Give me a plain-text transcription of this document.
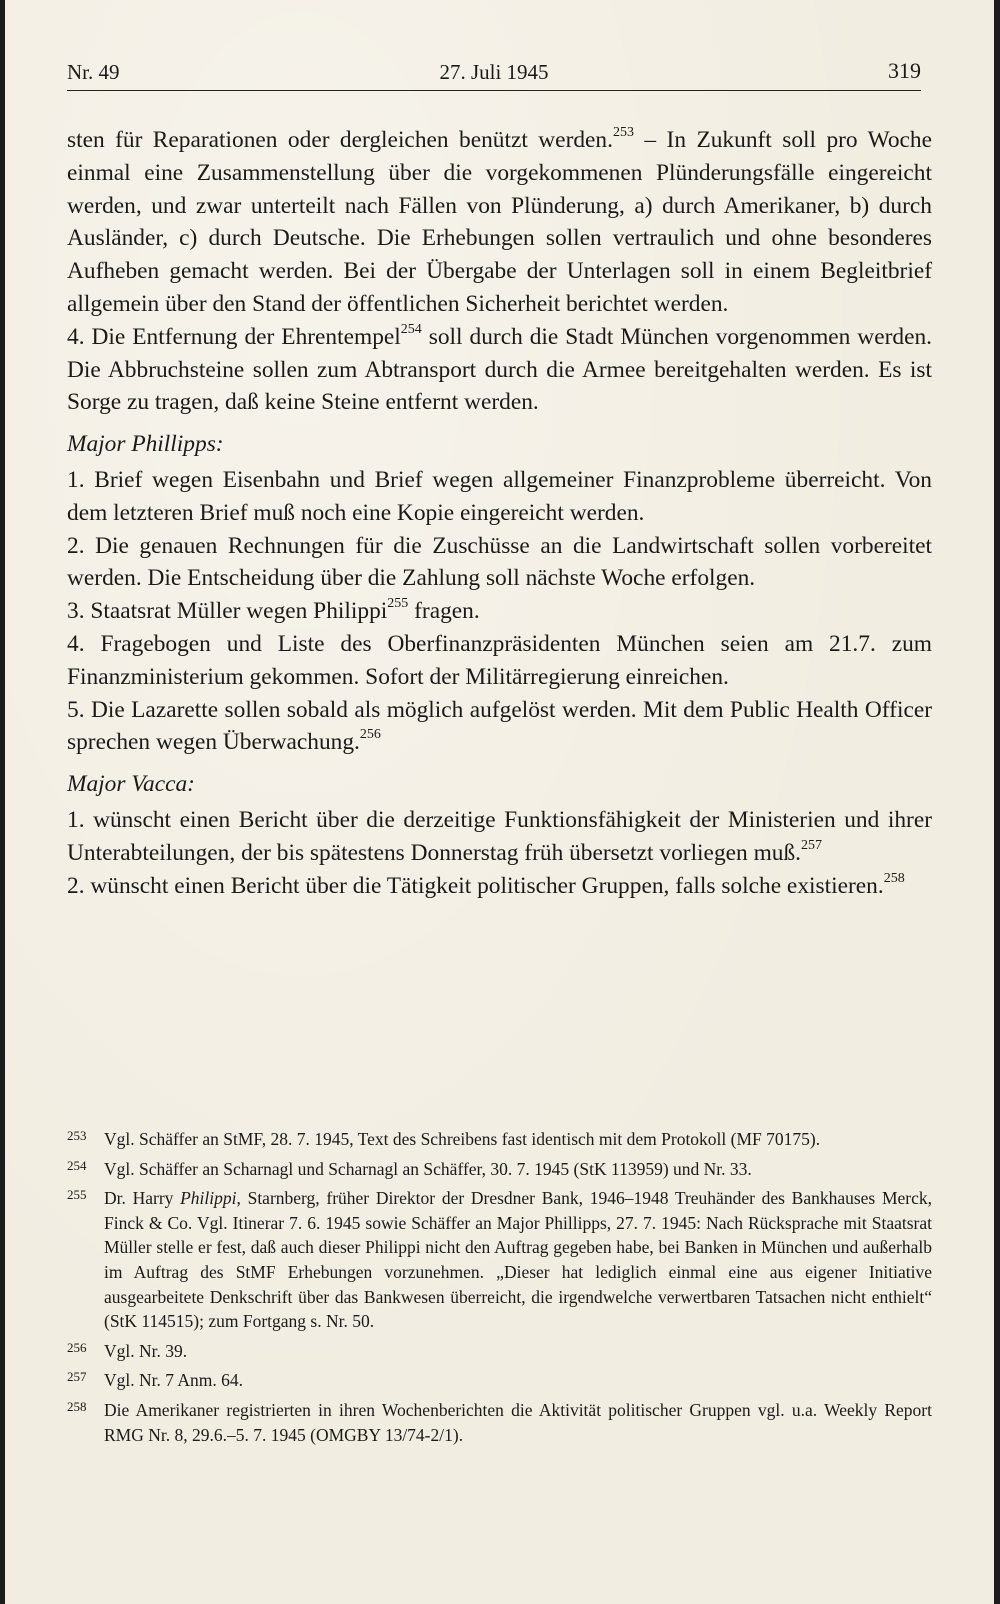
Nr. 49	27. Juli 1945	319

sten für Reparationen oder dergleichen benützt werden.$^{253}$ – In Zukunft soll pro Woche einmal eine Zusammenstellung über die vorgekommenen Plünderungsfälle eingereicht werden, und zwar unterteilt nach Fällen von Plünderung, a) durch Amerikaner, b) durch Ausländer, c) durch Deutsche. Die Erhebungen sollen vertraulich und ohne besonderes Aufheben gemacht werden. Bei der Übergabe der Unterlagen soll in einem Begleitbrief allgemein über den Stand der öffentlichen Sicherheit berichtet werden.

4. Die Entfernung der Ehrentempel$^{254}$ soll durch die Stadt München vorgenommen werden. Die Abbruchsteine sollen zum Abtransport durch die Armee bereitgehalten werden. Es ist Sorge zu tragen, daß keine Steine entfernt werden.

Major Phillipps:

1. Brief wegen Eisenbahn und Brief wegen allgemeiner Finanzprobleme überreicht. Von dem letzteren Brief muß noch eine Kopie eingereicht werden.

2. Die genauen Rechnungen für die Zuschüsse an die Landwirtschaft sollen vorbereitet werden. Die Entscheidung über die Zahlung soll nächste Woche erfolgen.

3. Staatsrat Müller wegen Philippi$^{255}$ fragen.

4. Fragebogen und Liste des Oberfinanzpräsidenten München seien am 21.7. zum Finanzministerium gekommen. Sofort der Militärregierung einreichen.

5. Die Lazarette sollen sobald als möglich aufgelöst werden. Mit dem Public Health Officer sprechen wegen Überwachung.$^{256}$

Major Vacca:

1. wünscht einen Bericht über die derzeitige Funktionsfähigkeit der Ministerien und ihrer Unterabteilungen, der bis spätestens Donnerstag früh übersetzt vorliegen muß.$^{257}$

2. wünscht einen Bericht über die Tätigkeit politischer Gruppen, falls solche existieren.$^{258}$

253 Vgl. Schäffer an StMF, 28. 7. 1945, Text des Schreibens fast identisch mit dem Protokoll (MF 70175).
254 Vgl. Schäffer an Scharnagl und Scharnagl an Schäffer, 30. 7. 1945 (StK 113959) und Nr. 33.
255 Dr. Harry Philippi, Starnberg, früher Direktor der Dresdner Bank, 1946–1948 Treuhänder des Bankhauses Merck, Finck & Co. Vgl. Itinerar 7. 6. 1945 sowie Schäffer an Major Phillipps, 27. 7. 1945: Nach Rücksprache mit Staatsrat Müller stelle er fest, daß auch dieser Philippi nicht den Auftrag gegeben habe, bei Banken in München und außerhalb im Auftrag des StMF Erhebungen vorzunehmen. „Dieser hat lediglich einmal eine aus eigener Initiative ausgearbeitete Denkschrift über das Bankwesen überreicht, die irgendwelche verwertbaren Tatsachen nicht enthielt“ (StK 114515); zum Fortgang s. Nr. 50.
256 Vgl. Nr. 39.
257 Vgl. Nr. 7 Anm. 64.
258 Die Amerikaner registrierten in ihren Wochenberichten die Aktivität politischer Gruppen vgl. u.a. Weekly Report RMG Nr. 8, 29.6.–5. 7. 1945 (OMGBY 13/74-2/1).
